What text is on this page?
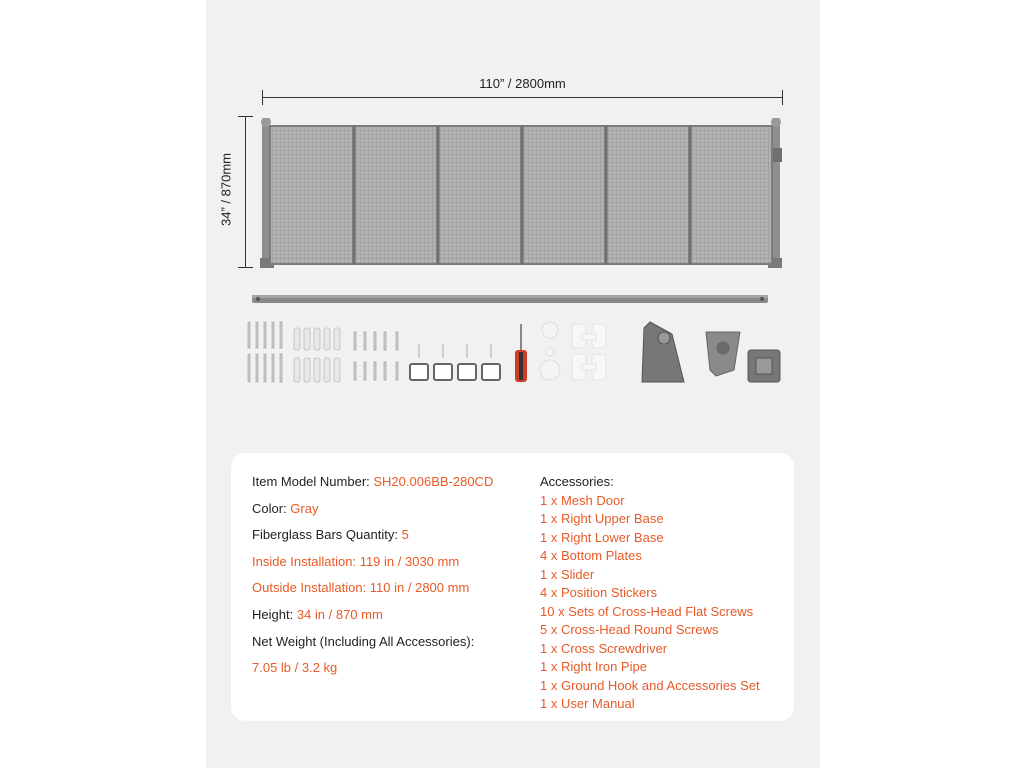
110” / 2800mm
34” / 870mm
Item Model Number: SH20.006BB-280CD
Color: Gray
Fiberglass Bars Quantity: 5
Inside Installation: 119 in / 3030 mm
Outside Installation: 110 in / 2800 mm
Height: 34 in / 870 mm
Net Weight (Including All Accessories):
7.05 lb / 3.2 kg
Accessories:
1 x Mesh Door
1 x Right Upper Base
1 x Right Lower Base
4 x Bottom Plates
1 x Slider
4 x Position Stickers
10 x Sets of Cross-Head Flat Screws
5 x Cross-Head Round Screws
1 x Cross Screwdriver
1 x Right Iron Pipe
1 x Ground Hook and Accessories Set
1 x User Manual
